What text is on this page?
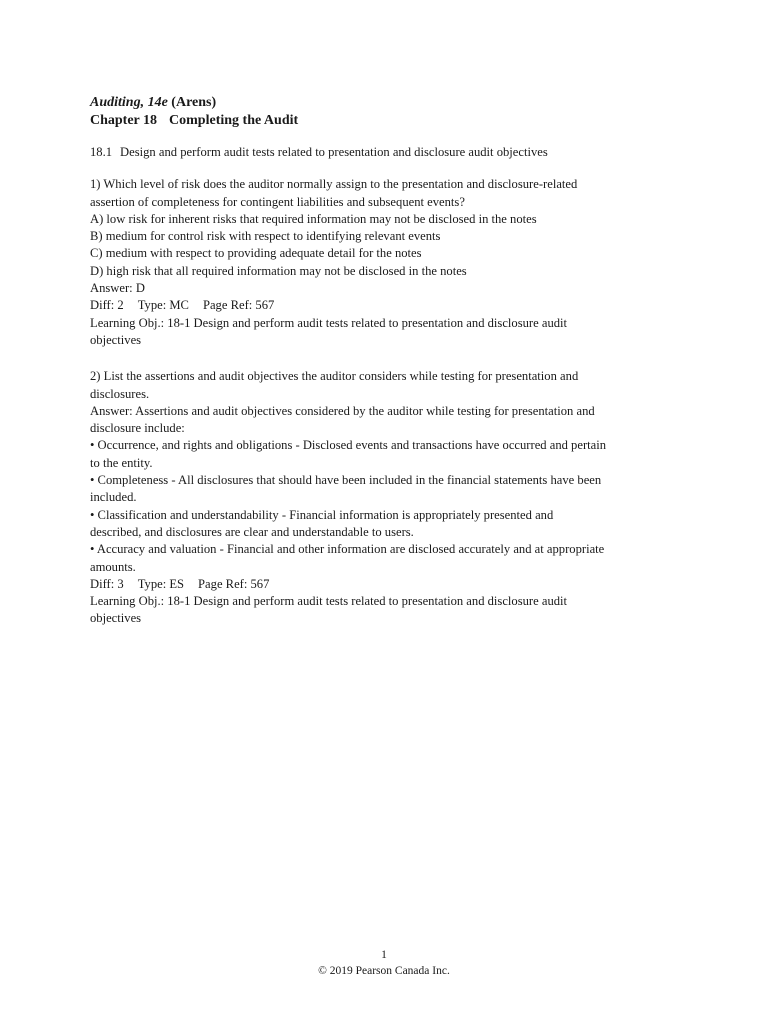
Auditing, 14e (Arens)

Chapter 18 Completing the Audit

18.1 Design and perform audit tests related to presentation and disclosure audit objectives

1) Which level of risk does the auditor normally assign to the presentation and disclosure-related

assertion of completeness for contingent liabilities and subsequent events?

A) low risk for inherent risks that required information may not be disclosed in the notes

B) medium for control risk with respect to identifying relevant events

C) medium with respect to providing adequate detail for the notes

D) high risk that all required information may not be disclosed in the notes

Answer: D

Diff: 2 Type: MC Page Ref: 567

Learning Obj.: 18-1 Design and perform audit tests related to presentation and disclosure audit

objectives

2) List the assertions and audit objectives the auditor considers while testing for presentation and

disclosures.

Answer: Assertions and audit objectives considered by the auditor while testing for presentation and

disclosure include:

• Occurrence, and rights and obligations - Disclosed events and transactions have occurred and pertain

to the entity.

• Completeness - All disclosures that should have been included in the financial statements have been

included.

• Classification and understandability - Financial information is appropriately presented and

described, and disclosures are clear and understandable to users.

• Accuracy and valuation - Financial and other information are disclosed accurately and at appropriate

amounts.

Diff: 3 Type: ES Page Ref: 567

Learning Obj.: 18-1 Design and perform audit tests related to presentation and disclosure audit

objectives

1
© 2019 Pearson Canada Inc.
